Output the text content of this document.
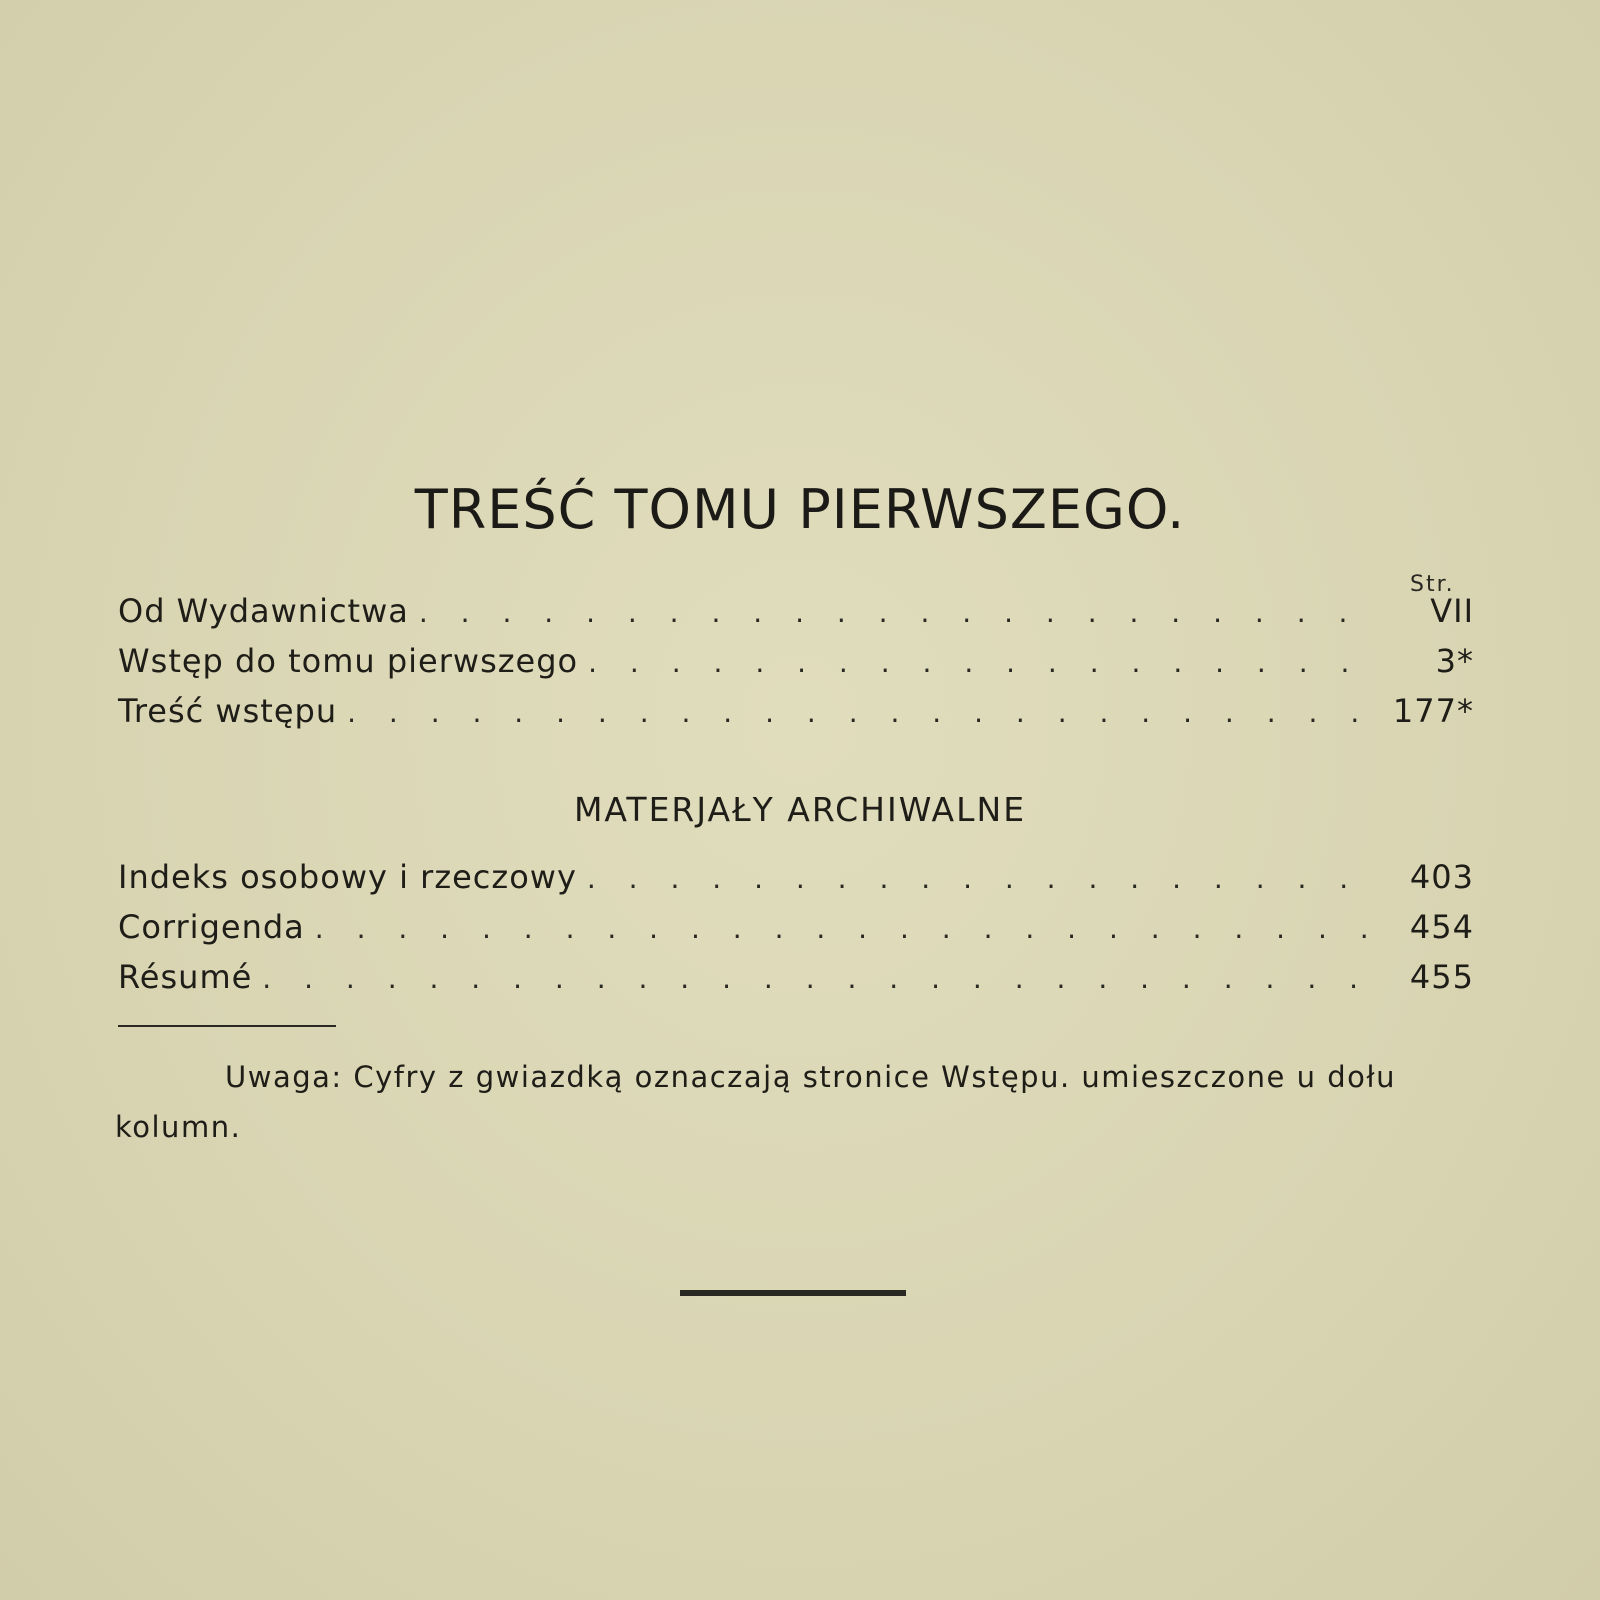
TREŚĆ TOMU PIERWSZEGO.
Str.
Od Wydawnictwa . . .	VII
Wstęp do tomu pierwszego . . .	3*
Treść wstępu . . .	177*
MATERJAŁY ARCHIWALNE
Indeks osobowy i rzeczowy . . .	403
Corrigenda . . .	454
Résumé . . .	455
Uwaga: Cyfry z gwiazdką oznaczają stronice Wstępu. umieszczone u dołu kolumn.
